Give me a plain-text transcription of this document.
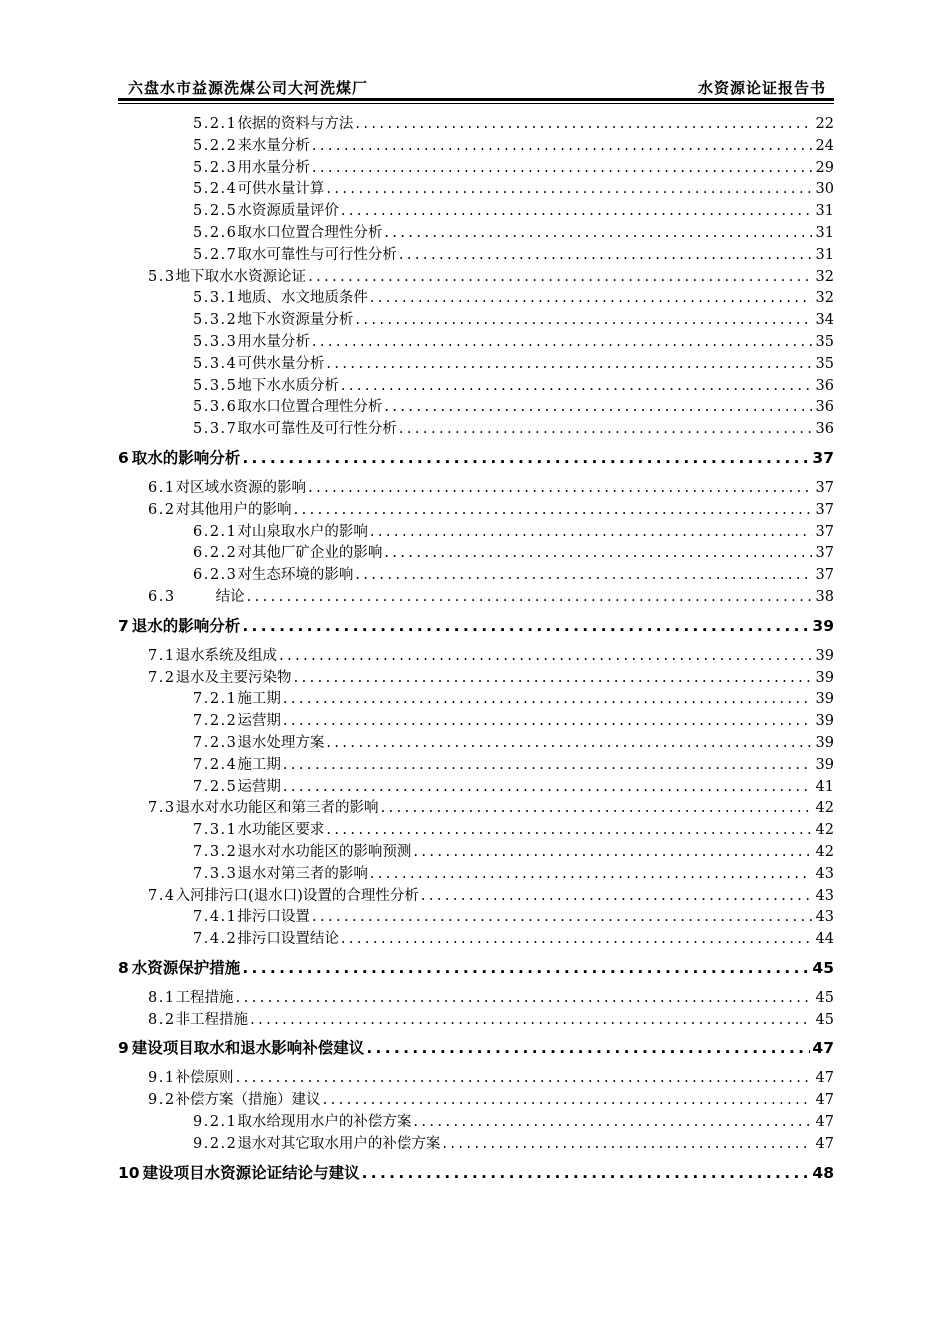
六盘水市益源洗煤公司大河洗煤厂	水资源论证报告书
5.2.1 依据的资料与方法 .....	22
5.2.2 来水量分析 .....	24
5.2.3 用水量分析 .....	29
5.2.4 可供水量计算 .....	30
5.2.5 水资源质量评价 .....	31
5.2.6 取水口位置合理性分析 .....	31
5.2.7 取水可靠性与可行性分析 .....	31
5.3 地下取水水资源论证 .....	32
5.3.1 地质、水文地质条件 .....	32
5.3.2 地下水资源量分析 .....	34
5.3.3 用水量分析 .....	35
5.3.4 可供水量分析 .....	35
5.3.5 地下水水质分析 .....	36
5.3.6 取水口位置合理性分析 .....	36
5.3.7 取水可靠性及可行性分析 .....	36
6 取水的影响分析 .....	37
6.1 对区域水资源的影响 .....	37
6.2 对其他用户的影响 .....	37
6.2.1 对山泉取水户的影响 .....	37
6.2.2 对其他厂矿企业的影响 .....	37
6.2.3 对生态环境的影响 .....	37
6.3	结论 .....	38
7 退水的影响分析 .....	39
7.1 退水系统及组成 .....	39
7.2 退水及主要污染物 .....	39
7.2.1 施工期 .....	39
7.2.2 运营期 .....	39
7.2.3 退水处理方案 .....	39
7.2.4 施工期 .....	39
7.2.5 运营期 .....	41
7.3 退水对水功能区和第三者的影响 .....	42
7.3.1 水功能区要求 .....	42
7.3.2 退水对水功能区的影响预测 .....	42
7.3.3 退水对第三者的影响 .....	43
7.4 入河排污口(退水口)设置的合理性分析 .....	43
7.4.1 排污口设置 .....	43
7.4.2 排污口设置结论 .....	44
8 水资源保护措施 .....	45
8.1 工程措施 .....	45
8.2 非工程措施 .....	45
9 建设项目取水和退水影响补偿建议 .....	47
9.1 补偿原则 .....	47
9.2 补偿方案（措施）建议 .....	47
9.2.1 取水给现用水户的补偿方案 .....	47
9.2.2 退水对其它取水用户的补偿方案 .....	47
10 建设项目水资源论证结论与建议 .....	48
